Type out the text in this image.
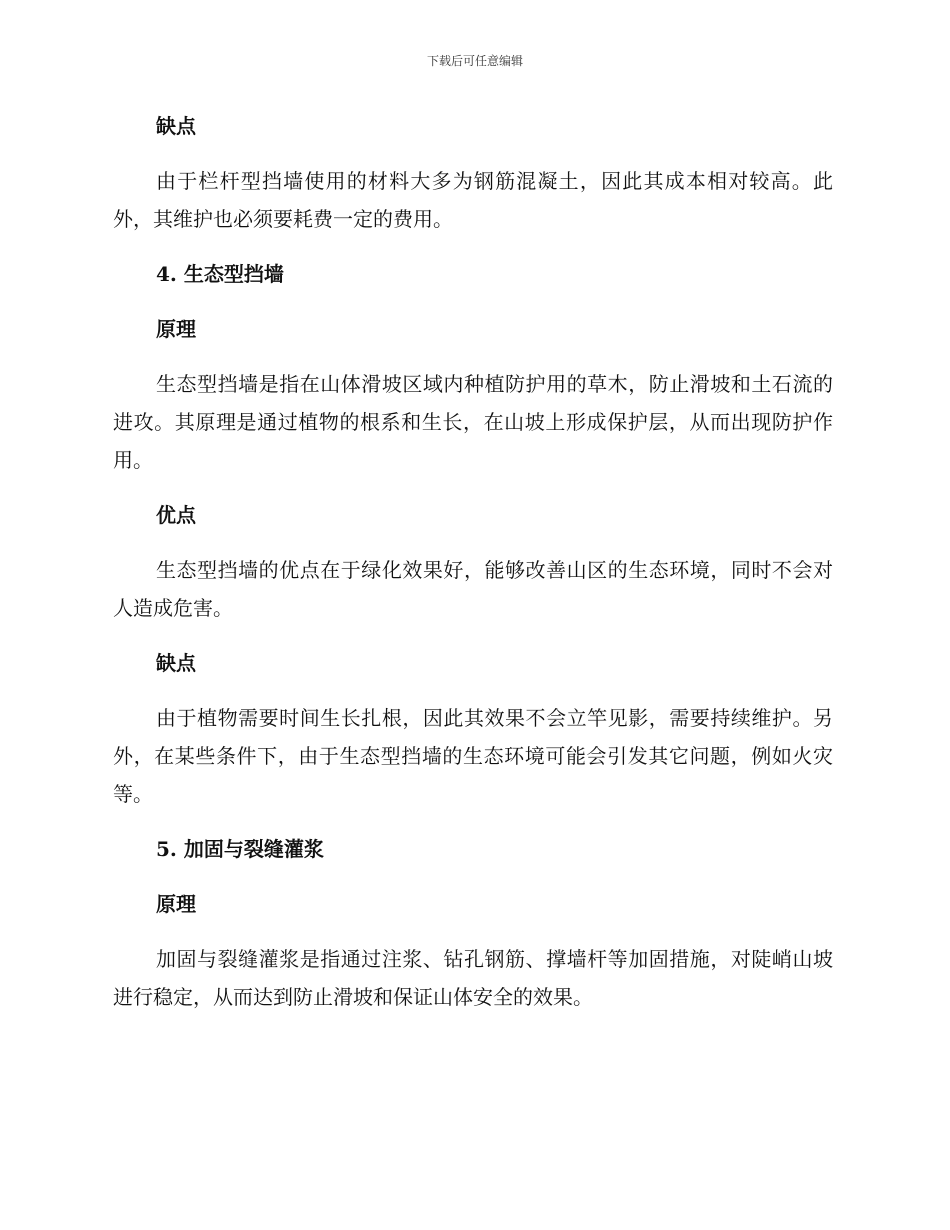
下载后可任意编辑
缺点

由于栏杆型挡墙使用的材料大多为钢筋混凝土，因此其成本相对较高。此外，其维护也必须要耗费一定的费用。

4. 生态型挡墙
原理

生态型挡墙是指在山体滑坡区域内种植防护用的草木，防止滑坡和土石流的进攻。其原理是通过植物的根系和生长，在山坡上形成保护层，从而出现防护作用。

优点

生态型挡墙的优点在于绿化效果好，能够改善山区的生态环境，同时不会对人造成危害。

缺点

由于植物需要时间生长扎根，因此其效果不会立竿见影，需要持续维护。另外，在某些条件下，由于生态型挡墙的生态环境可能会引发其它问题，例如火灾等。

5. 加固与裂缝灌浆
原理

加固与裂缝灌浆是指通过注浆、钻孔钢筋、撑墙杆等加固措施，对陡峭山坡进行稳定，从而达到防止滑坡和保证山体安全的效果。
